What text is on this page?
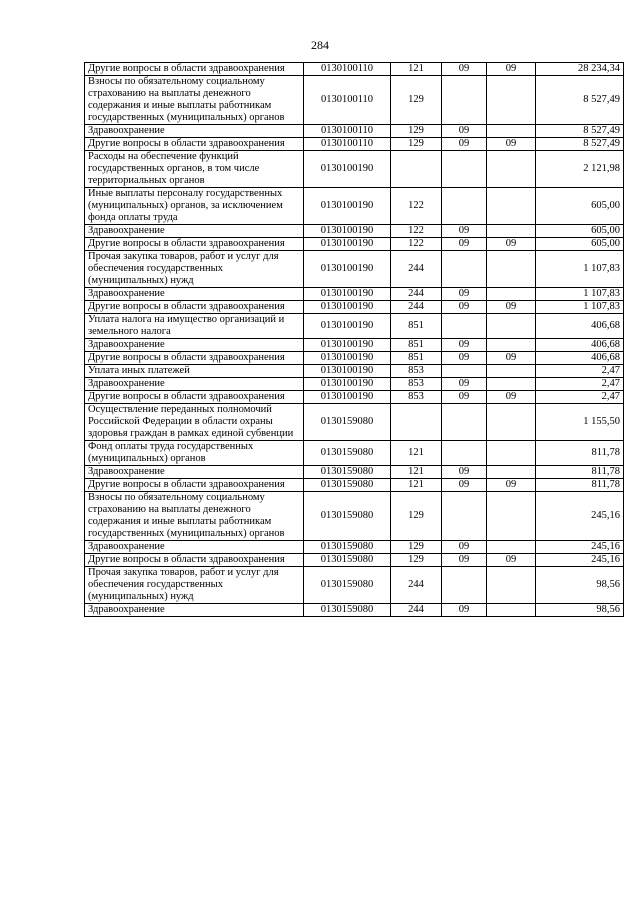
284
Другие вопросы в области здравоохранения	0130100110	121	09	09	28 234,34
Взносы по обязательному социальному страхованию на выплаты денежного содержания и иные выплаты работникам государственных (муниципальных) органов	0130100110	129			8 527,49
Здравоохранение	0130100110	129	09		8 527,49
Другие вопросы в области здравоохранения	0130100110	129	09	09	8 527,49
Расходы на обеспечение функций государственных органов, в том числе территориальных органов	0130100190				2 121,98
Иные выплаты персоналу государственных (муниципальных) органов, за исключением фонда оплаты труда	0130100190	122			605,00
Здравоохранение	0130100190	122	09		605,00
Другие вопросы в области здравоохранения	0130100190	122	09	09	605,00
Прочая закупка товаров, работ и услуг для обеспечения государственных (муниципальных) нужд	0130100190	244			1 107,83
Здравоохранение	0130100190	244	09		1 107,83
Другие вопросы в области здравоохранения	0130100190	244	09	09	1 107,83
Уплата налога на имущество организаций и земельного налога	0130100190	851			406,68
Здравоохранение	0130100190	851	09		406,68
Другие вопросы в области здравоохранения	0130100190	851	09	09	406,68
Уплата иных платежей	0130100190	853			2,47
Здравоохранение	0130100190	853	09		2,47
Другие вопросы в области здравоохранения	0130100190	853	09	09	2,47
Осуществление переданных полномочий Российской Федерации в области охраны здоровья граждан в рамках единой субвенции	0130159080				1 155,50
Фонд оплаты труда государственных (муниципальных) органов	0130159080	121			811,78
Здравоохранение	0130159080	121	09		811,78
Другие вопросы в области здравоохранения	0130159080	121	09	09	811,78
Взносы по обязательному социальному страхованию на выплаты денежного содержания и иные выплаты работникам государственных (муниципальных) органов	0130159080	129			245,16
Здравоохранение	0130159080	129	09		245,16
Другие вопросы в области здравоохранения	0130159080	129	09	09	245,16
Прочая закупка товаров, работ и услуг для обеспечения государственных (муниципальных) нужд	0130159080	244			98,56
Здравоохранение	0130159080	244	09		98,56
